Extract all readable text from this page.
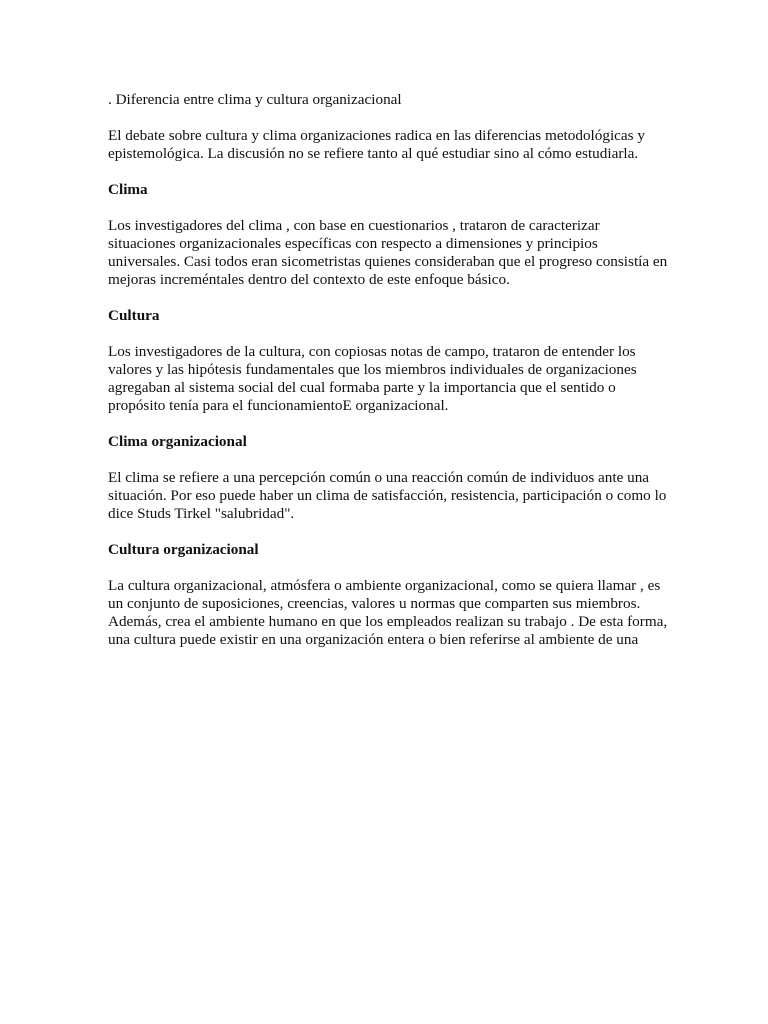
. Diferencia entre clima y cultura organizacional

El debate sobre cultura y clima organizaciones radica en las diferencias metodológicas y epistemológica. La discusión no se refiere tanto al qué estudiar sino al cómo estudiarla.

Clima

Los investigadores del clima , con base en cuestionarios , trataron de caracterizar situaciones organizacionales específicas con respecto a dimensiones y principios universales. Casi todos eran sicometristas quienes consideraban que el progreso consistía en mejoras increméntales dentro del contexto de este enfoque básico.

Cultura

Los investigadores de la cultura, con copiosas notas de campo, trataron de entender los valores y las hipótesis fundamentales que los miembros individuales de organizaciones agregaban al sistema social del cual formaba parte y la importancia que el sentido o propósito tenía para el funcionamientoE organizacional.

Clima organizacional

El clima se refiere a una percepción común o una reacción común de individuos ante una situación. Por eso puede haber un clima de satisfacción, resistencia, participación o como lo dice Studs Tirkel "salubridad".

Cultura organizacional

La cultura organizacional, atmósfera o ambiente organizacional, como se quiera llamar , es un conjunto de suposiciones, creencias, valores u normas que comparten sus miembros. Además, crea el ambiente humano en que los empleados realizan su trabajo . De esta forma, una cultura puede existir en una organización entera o bien referirse al ambiente de una
